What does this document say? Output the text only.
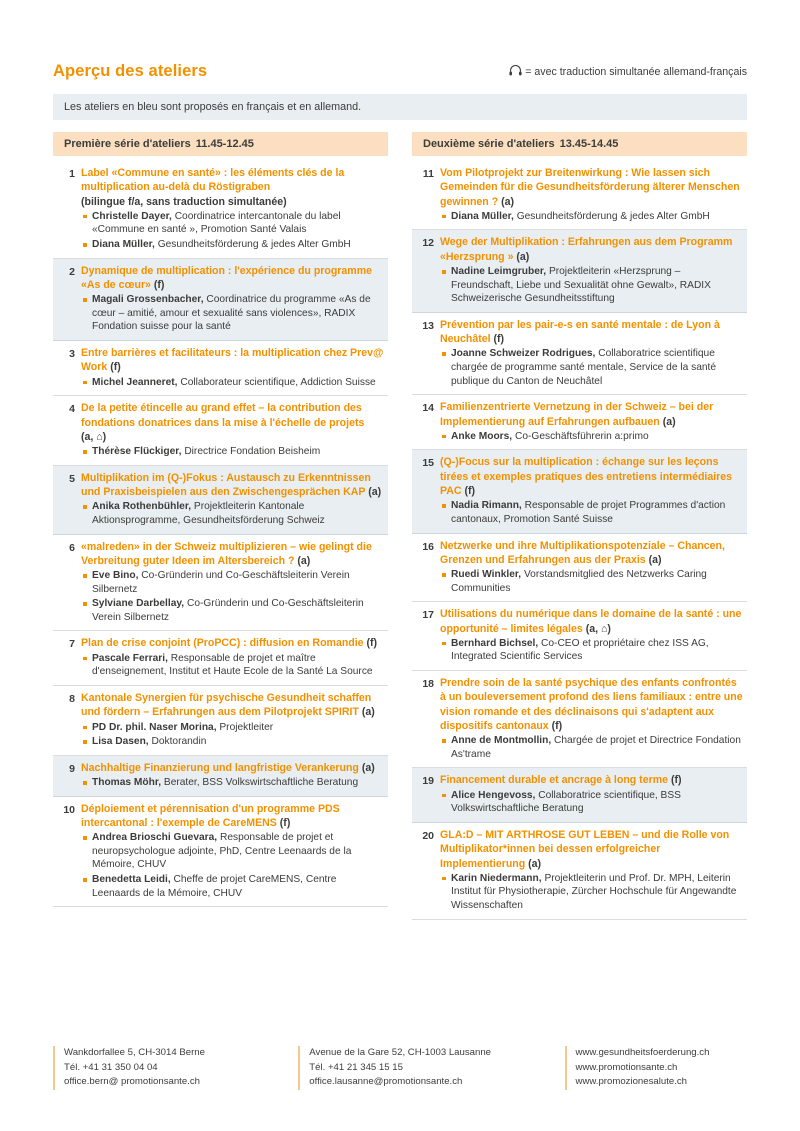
Aperçu des ateliers	= avec traduction simultanée allemand-français
Les ateliers en bleu sont proposés en français et en allemand.
Première série d'ateliers 11.45-12.45
1 Label «Commune en santé» : les éléments clés de la multiplication au-delà du Röstigraben
(bilingue f/a, sans traduction simultanée)
Christelle Dayer, Coordinatrice intercantonale du label «Commune en santé », Promotion Santé Valais
Diana Müller, Gesundheitsförderung & jedes Alter GmbH
2 Dynamique de multiplication : l'expérience du programme «As de cœur» (f)
Magali Grossenbacher, Coordinatrice du programme «As de cœur – amitié, amour et sexualité sans violences», RADIX Fondation suisse pour la santé
3 Entre barrières et facilitateurs : la multiplication chez Prev@ Work (f)
Michel Jeanneret, Collaborateur scientifique, Addiction Suisse
4 De la petite étincelle au grand effet – la contribution des fondations donatrices dans la mise à l'échelle de projets (a, ⌂)
Thérèse Flückiger, Directrice Fondation Beisheim
5 Multiplikation im (Q-)Fokus : Austausch zu Erkenntnissen und Praxisbeispielen aus den Zwischengesprächen KAP (a)
Anika Rothenbühler, Projektleiterin Kantonale Aktionsprogramme, Gesundheitsförderung Schweiz
6 «malreden» in der Schweiz multiplizieren – wie gelingt die Verbreitung guter Ideen im Altersbereich ? (a)
Eve Bino, Co-Gründerin und Co-Geschäftsleiterin Verein Silbernetz
Sylviane Darbellay, Co-Gründerin und Co-Geschäftsleiterin Verein Silbernetz
7 Plan de crise conjoint (ProPCC) : diffusion en Romandie (f)
Pascale Ferrari, Responsable de projet et maître d'enseignement, Institut et Haute Ecole de la Santé La Source
8 Kantonale Synergien für psychische Gesundheit schaffen und fördern – Erfahrungen aus dem Pilotprojekt SPIRIT (a)
PD Dr. phil. Naser Morina, Projektleiter
Lisa Dasen, Doktorandin
9 Nachhaltige Finanzierung und langfristige Verankerung (a)
Thomas Möhr, Berater, BSS Volkswirtschaftliche Beratung
10 Déploiement et pérennisation d'un programme PDS intercantonal : l'exemple de CareMENS (f)
Andrea Brioschi Guevara, Responsable de projet et neuropsychologue adjointe, PhD, Centre Leenaards de la Mémoire, CHUV
Benedetta Leidi, Cheffe de projet CareMENS, Centre Leenaards de la Mémoire, CHUV
Deuxième série d'ateliers 13.45-14.45
11 Vom Pilotprojekt zur Breitenwirkung : Wie lassen sich Gemeinden für die Gesundheitsförderung älterer Menschen gewinnen ? (a)
Diana Müller, Gesundheitsförderung & jedes Alter GmbH
12 Wege der Multiplikation : Erfahrungen aus dem Programm «Herzsprung » (a)
Nadine Leimgruber, Projektleiterin «Herzsprung – Freundschaft, Liebe und Sexualität ohne Gewalt», RADIX Schweizerische Gesundheitsstiftung
13 Prévention par les pair-e-s en santé mentale : de Lyon à Neuchâtel (f)
Joanne Schweizer Rodrigues, Collaboratrice scientifique chargée de programme santé mentale, Service de la santé publique du Canton de Neuchâtel
14 Familienzentrierte Vernetzung in der Schweiz – bei der Implementierung auf Erfahrungen aufbauen (a)
Anke Moors, Co-Geschäftsführerin a:primo
15 (Q-)Focus sur la multiplication : échange sur les leçons tirées et exemples pratiques des entretiens intermédiaires PAC (f)
Nadia Rimann, Responsable de projet Programmes d'action cantonaux, Promotion Santé Suisse
16 Netzwerke und ihre Multiplikationspotenziale – Chancen, Grenzen und Erfahrungen aus der Praxis (a)
Ruedi Winkler, Vorstandsmitglied des Netzwerks Caring Communities
17 Utilisations du numérique dans le domaine de la santé : une opportunité – limites légales (a, ⌂)
Bernhard Bichsel, Co-CEO et propriétaire chez ISS AG, Integrated Scientific Services
18 Prendre soin de la santé psychique des enfants confrontés à un bouleversement profond des liens familiaux : entre une vision romande et des déclinaisons qui s'adaptent aux dispositifs cantonaux (f)
Anne de Montmollin, Chargée de projet et Directrice Fondation As'trame
19 Financement durable et ancrage à long terme (f)
Alice Hengevoss, Collaboratrice scientifique, BSS Volkswirtschaftliche Beratung
20 GLA:D – MIT ARTHROSE GUT LEBEN – und die Rolle von Multiplikator*innen bei dessen erfolgreicher Implementierung (a)
Karin Niedermann, Projektleiterin und Prof. Dr. MPH, Leiterin Institut für Physiotherapie, Zürcher Hochschule für Angewandte Wissenschaften
Wankdorfallee 5, CH-3014 Berne
Tél. +41 31 350 04 04
office.bern@ promotionsante.ch
Avenue de la Gare 52, CH-1003 Lausanne
Tél. +41 21 345 15 15
office.lausanne@promotionsante.ch
www.gesundheitsfoerderung.ch
www.promotionsante.ch
www.promozionesalute.ch
